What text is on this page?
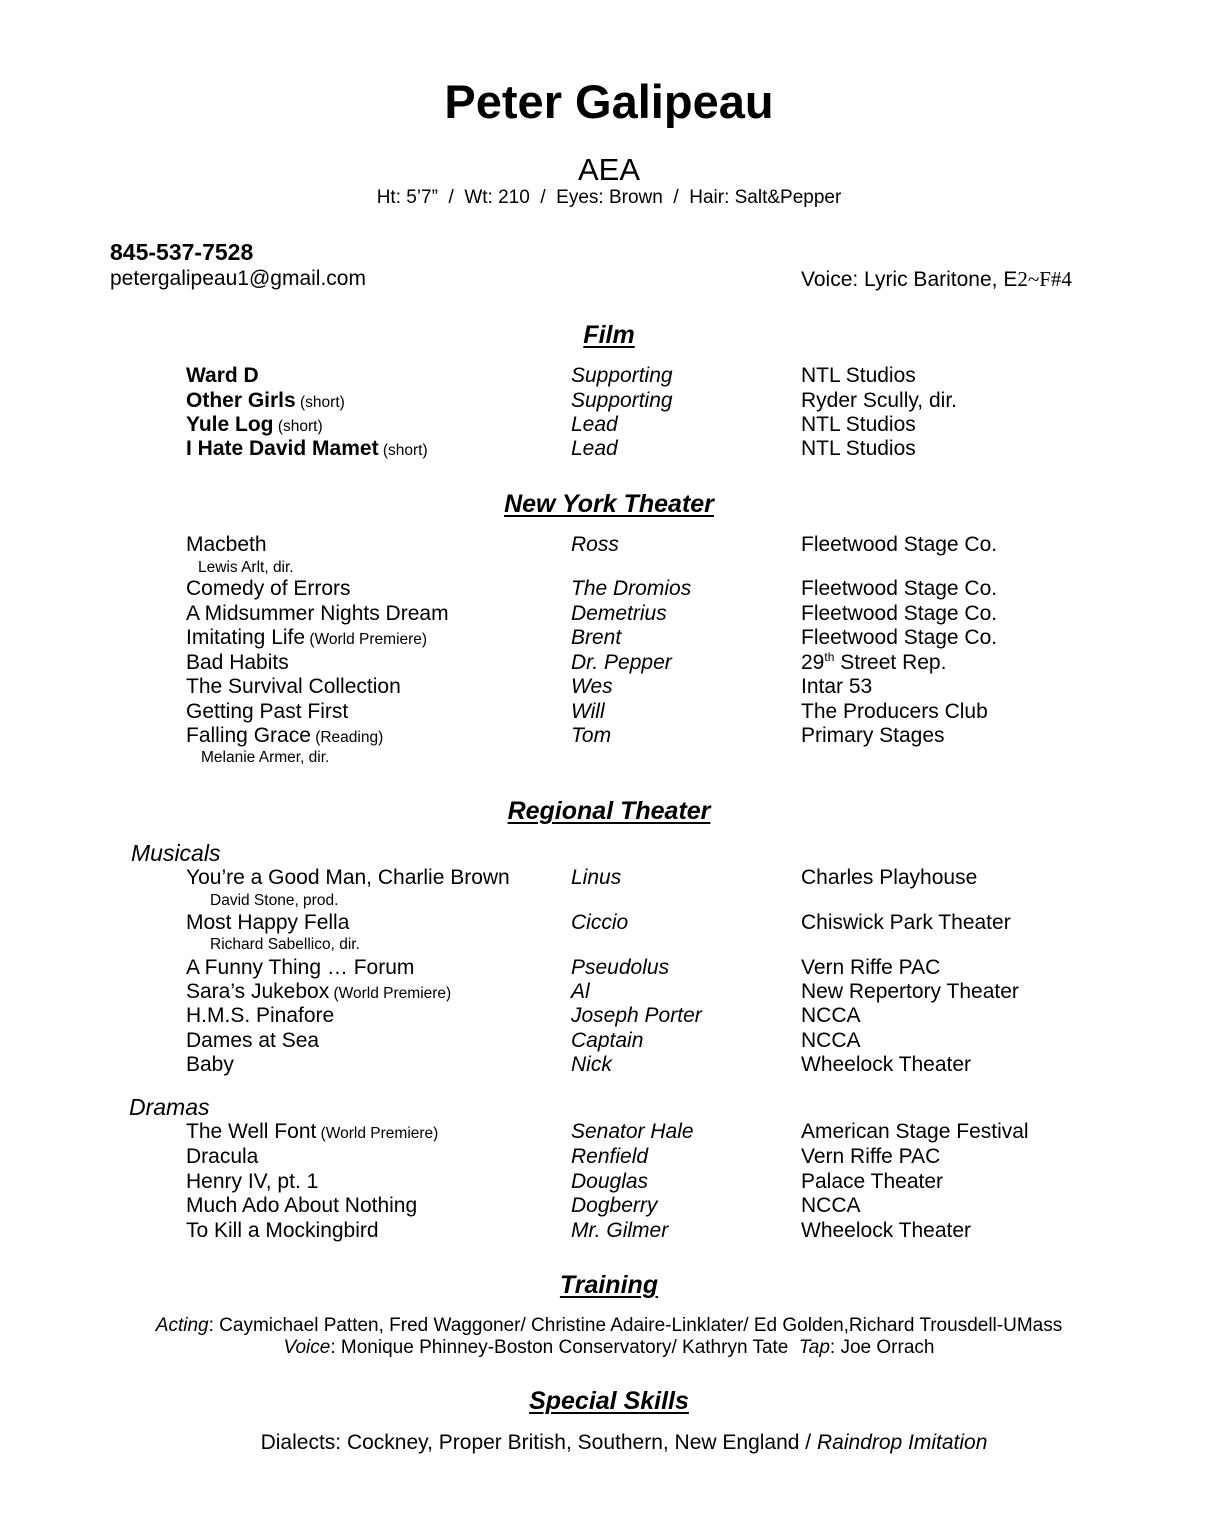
Peter Galipeau
AEA
Ht: 5’7”  /  Wt: 210  /  Eyes: Brown  /  Hair: Salt&Pepper
845-537-7528
petergalipeau1@gmail.com	Voice: Lyric Baritone, E2~F#4
Film
Ward D	Supporting	NTL Studios
Other Girls (short)	Supporting	Ryder Scully, dir.
Yule Log (short)	Lead	NTL Studios
I Hate David Mamet (short)	Lead	NTL Studios
New York Theater
Macbeth	Ross	Fleetwood Stage Co.
Lewis Arlt, dir.
Comedy of Errors	The Dromios	Fleetwood Stage Co.
A Midsummer Nights Dream	Demetrius	Fleetwood Stage Co.
Imitating Life (World Premiere)	Brent	Fleetwood Stage Co.
Bad Habits	Dr. Pepper	29th Street Rep.
The Survival Collection	Wes	Intar 53
Getting Past First	Will	The Producers Club
Falling Grace (Reading)	Tom	Primary Stages
Melanie Armer, dir.
Regional Theater
Musicals
You’re a Good Man, Charlie Brown	Linus	Charles Playhouse
David Stone, prod.
Most Happy Fella	Ciccio	Chiswick Park Theater
Richard Sabellico, dir.
A Funny Thing … Forum	Pseudolus	Vern Riffe PAC
Sara’s Jukebox (World Premiere)	Al	New Repertory Theater
H.M.S. Pinafore	Joseph Porter	NCCA
Dames at Sea	Captain	NCCA
Baby	Nick	Wheelock Theater
Dramas
The Well Font (World Premiere)	Senator Hale	American Stage Festival
Dracula	Renfield	Vern Riffe PAC
Henry IV, pt. 1	Douglas	Palace Theater
Much Ado About Nothing	Dogberry	NCCA
To Kill a Mockingbird	Mr. Gilmer	Wheelock Theater
Training
Acting: Caymichael Patten, Fred Waggoner/ Christine Adaire-Linklater/ Ed Golden,Richard Trousdell-UMass
Voice: Monique Phinney-Boston Conservatory/ Kathryn Tate  Tap: Joe Orrach
Special Skills
Dialects: Cockney, Proper British, Southern, New England / Raindrop Imitation
